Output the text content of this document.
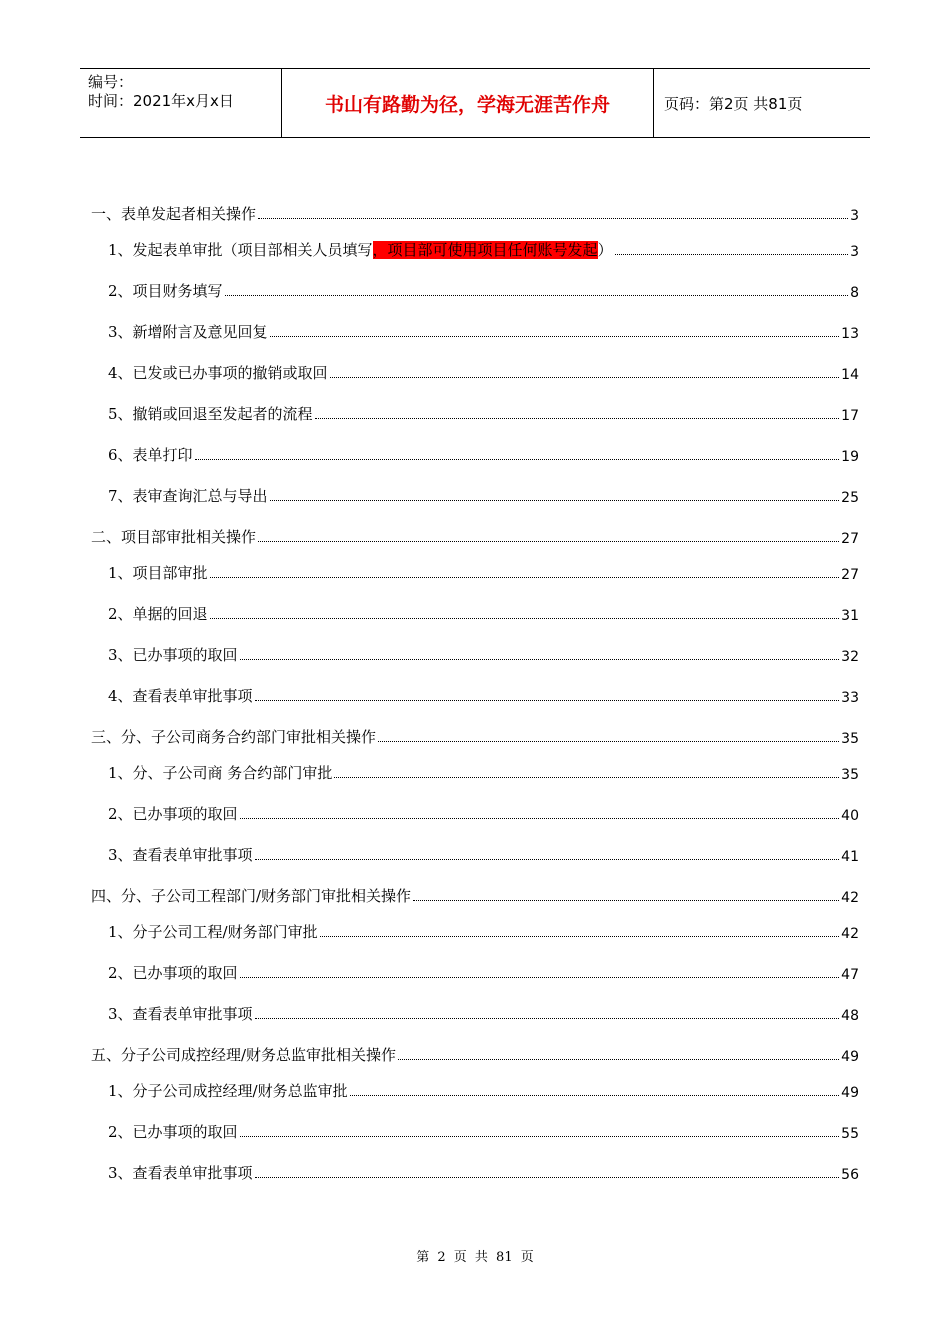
编号：
时间：2021年x月x日	书山有路勤为径，学海无涯苦作舟	页码：第2页 共81页
一、表单发起者相关操作	3
1、发起表单审批（项目部相关人员填写，项目部可使用项目任何账号发起）	3
2、项目财务填写	8
3、新增附言及意见回复	13
4、已发或已办事项的撤销或取回	14
5、撤销或回退至发起者的流程	17
6、表单打印	19
7、表审查询汇总与导出	25
二、项目部审批相关操作	27
1、项目部审批	27
2、单据的回退	31
3、已办事项的取回	32
4、查看表单审批事项	33
三、分、子公司商务合约部门审批相关操作	35
1、分、子公司商 务合约部门审批	35
2、已办事项的取回	40
3、查看表单审批事项	41
四、分、子公司工程部门/财务部门审批相关操作	42
1、分子公司工程/财务部门审批	42
2、已办事项的取回	47
3、查看表单审批事项	48
五、分子公司成控经理/财务总监审批相关操作	49
1、分子公司成控经理/财务总监审批	49
2、已办事项的取回	55
3、查看表单审批事项	56
第 2 页 共 81 页
